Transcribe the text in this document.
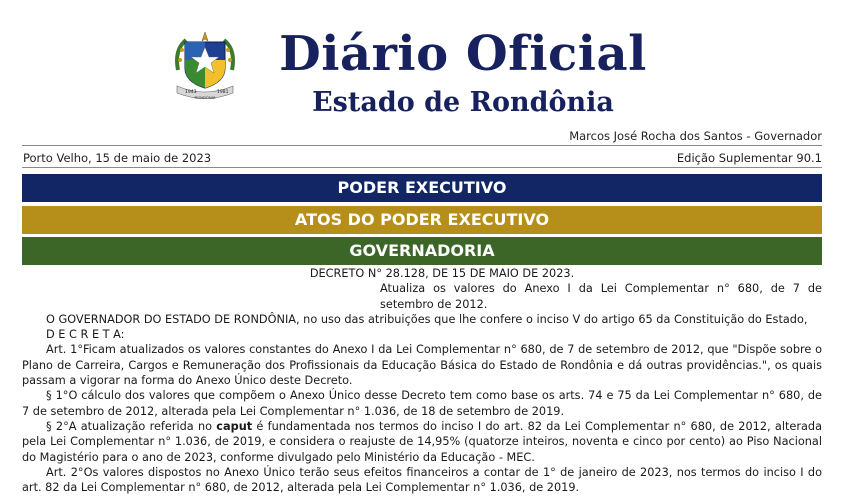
1943	1981
RONDÔNIA
Diário Oficial
Estado de Rondônia
Marcos José Rocha dos Santos - Governador
Porto Velho, 15 de maio de 2023	Edição Suplementar 90.1
PODER EXECUTIVO
ATOS DO PODER EXECUTIVO
GOVERNADORIA

DECRETO N° 28.128, DE 15 DE MAIO DE 2023.

Atualiza os valores do Anexo I da Lei Complementar n° 680, de 7 de setembro de 2012.

O GOVERNADOR DO ESTADO DE RONDÔNIA, no uso das atribuições que lhe confere o inciso V do artigo 65 da Constituição do Estado,

D E C R E T A:

Art. 1°Ficam atualizados os valores constantes do Anexo I da Lei Complementar n° 680, de 7 de setembro de 2012, que "Dispõe sobre o Plano de Carreira, Cargos e Remuneração dos Profissionais da Educação Básica do Estado de Rondônia e dá outras providências.", os quais passam a vigorar na forma do Anexo Único deste Decreto.

§ 1°O cálculo dos valores que compõem o Anexo Único desse Decreto tem como base os arts. 74 e 75 da Lei Complementar n° 680, de 7 de setembro de 2012, alterada pela Lei Complementar n° 1.036, de 18 de setembro de 2019.

§ 2°A atualização referida no caput é fundamentada nos termos do inciso I do art. 82 da Lei Complementar n° 680, de 2012, alterada pela Lei Complementar n° 1.036, de 2019, e considera o reajuste de 14,95% (quatorze inteiros, noventa e cinco por cento) ao Piso Nacional do Magistério para o ano de 2023, conforme divulgado pelo Ministério da Educação - MEC.

Art. 2°Os valores dispostos no Anexo Único terão seus efeitos financeiros a contar de 1° de janeiro de 2023, nos termos do inciso I do art. 82 da Lei Complementar n° 680, de 2012, alterada pela Lei Complementar n° 1.036, de 2019.
